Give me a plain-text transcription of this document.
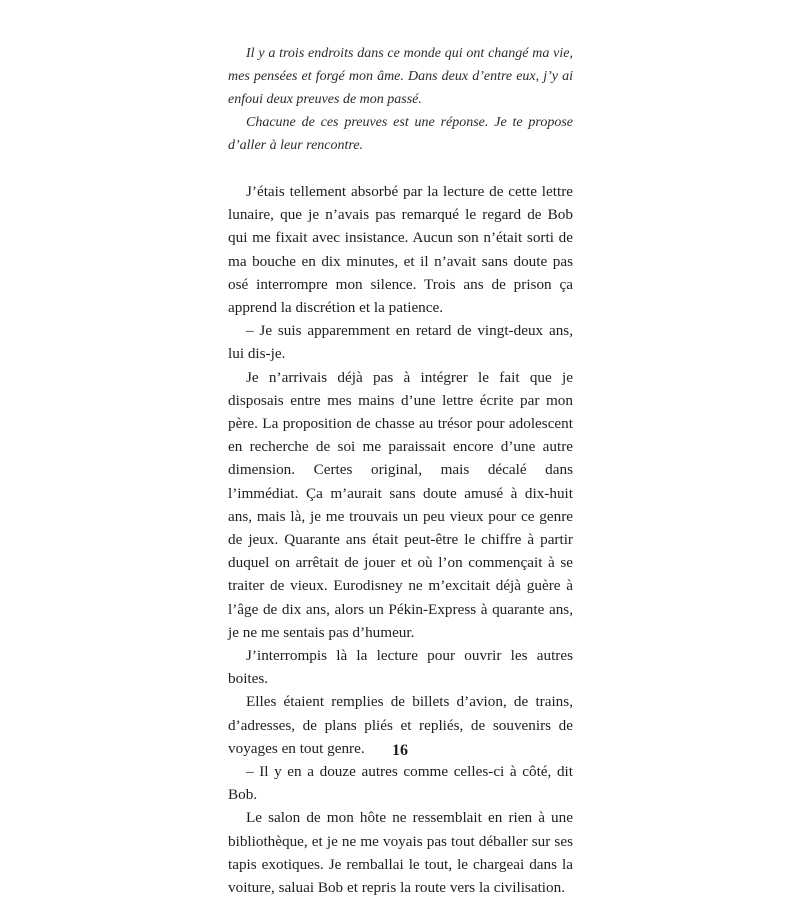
Il y a trois endroits dans ce monde qui ont changé ma vie, mes pensées et forgé mon âme. Dans deux d’entre eux, j’y ai enfoui deux preuves de mon passé.

Chacune de ces preuves est une réponse. Je te propose d’aller à leur rencontre.

J’étais tellement absorbé par la lecture de cette lettre lunaire, que je n’avais pas remarqué le regard de Bob qui me fixait avec insistance. Aucun son n’était sorti de ma bouche en dix minutes, et il n’avait sans doute pas osé interrompre mon silence. Trois ans de prison ça apprend la discrétion et la patience.

– Je suis apparemment en retard de vingt-deux ans, lui dis-je.

Je n’arrivais déjà pas à intégrer le fait que je disposais entre mes mains d’une lettre écrite par mon père. La proposition de chasse au trésor pour adolescent en recherche de soi me paraissait encore d’une autre dimension. Certes original, mais décalé dans l’immédiat. Ça m’aurait sans doute amusé à dix-huit ans, mais là, je me trouvais un peu vieux pour ce genre de jeux. Quarante ans était peut-être le chiffre à partir duquel on arrêtait de jouer et où l’on commençait à se traiter de vieux. Eurodisney ne m’excitait déjà guère à l’âge de dix ans, alors un Pékin-Express à quarante ans, je ne me sentais pas d’humeur.

J’interrompis là la lecture pour ouvrir les autres boites.

Elles étaient remplies de billets d’avion, de trains, d’adresses, de plans pliés et repliés, de souvenirs de voyages en tout genre.

– Il y en a douze autres comme celles-ci à côté, dit Bob.

Le salon de mon hôte ne ressemblait en rien à une bibliothèque, et je ne me voyais pas tout déballer sur ses tapis exotiques. Je remballai le tout, le chargeai dans la voiture, saluai Bob et repris la route vers la civilisation.

16
